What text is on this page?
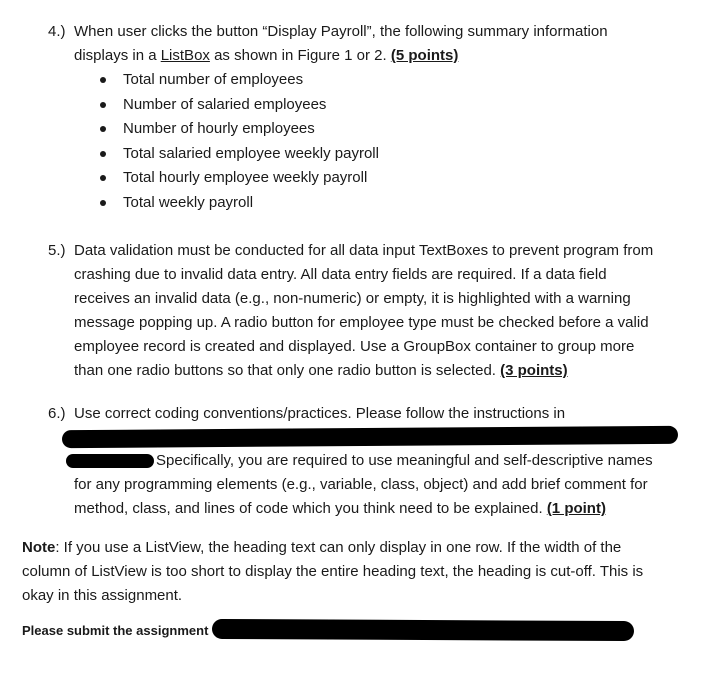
4.) When user clicks the button “Display Payroll”, the following summary information
displays in a ListBox as shown in Figure 1 or 2. (5 points)
Total number of employees
Number of salaried employees
Number of hourly employees
Total salaried employee weekly payroll
Total hourly employee weekly payroll
Total weekly payroll
5.) Data validation must be conducted for all data input TextBoxes to prevent program from
crashing due to invalid data entry. All data entry fields are required. If a data field
receives an invalid data (e.g., non-numeric) or empty, it is highlighted with a warning
message popping up. A radio button for employee type must be checked before a valid
employee record is created and displayed. Use a GroupBox container to group more
than one radio buttons so that only one radio button is selected. (3 points)
6.) Use correct coding conventions/practices. Please follow the instructions in
Specifically, you are required to use meaningful and self-descriptive names
for any programming elements (e.g., variable, class, object) and add brief comment for
method, class, and lines of code which you think need to be explained. (1 point)
Note: If you use a ListView, the heading text can only display in one row. If the width of the
column of ListView is too short to display the entire heading text, the heading is cut-off. This is
okay in this assignment.
Please submit the assignment
